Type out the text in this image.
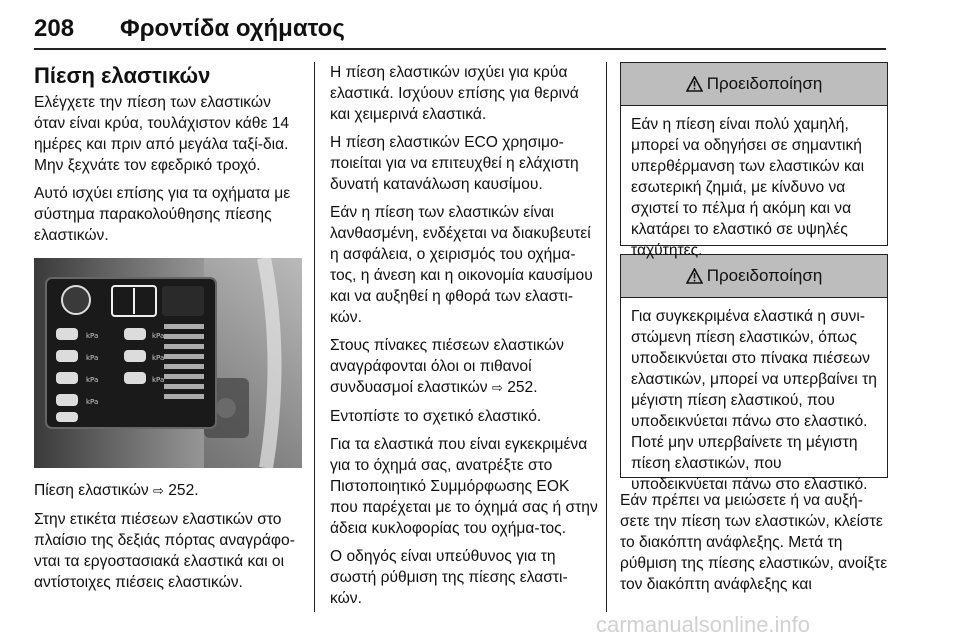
208 Φροντίδα οχήματος
Πίεση ελαστικών

Ελέγχετε την πίεση των ελαστικών όταν είναι κρύα, τουλάχιστον κάθε 14 ημέρες και πριν από μεγάλα ταξί-δια. Μην ξεχνάτε τον εφεδρικό τροχό.

Αυτό ισχύει επίσης για τα οχήματα με σύστημα παρακολούθησης πίεσης ελαστικών.

kPa
kPa
kPa
kPa
kPa
kPa
kPa

Πίεση ελαστικών ⇨ 252.

Στην ετικέτα πιέσεων ελαστικών στο πλαίσιο της δεξιάς πόρτας αναγράφο-νται τα εργοστασιακά ελαστικά και οι αντίστοιχες πιέσεις ελαστικών.

Η πίεση ελαστικών ισχύει για κρύα ελαστικά. Ισχύουν επίσης για θερινά και χειμερινά ελαστικά.

Η πίεση ελαστικών ECO χρησιμο-ποιείται για να επιτευχθεί η ελάχιστη δυνατή κατανάλωση καυσίμου.

Εάν η πίεση των ελαστικών είναι λανθασμένη, ενδέχεται να διακυβευτεί η ασφάλεια, ο χειρισμός του οχήμα-τος, η άνεση και η οικονομία καυσίμου και να αυξηθεί η φθορά των ελαστι-κών.

Στους πίνακες πιέσεων ελαστικών αναγράφονται όλοι οι πιθανοί συνδυασμοί ελαστικών ⇨ 252.

Εντοπίστε το σχετικό ελαστικό.

Για τα ελαστικά που είναι εγκεκριμένα για το όχημά σας, ανατρέξτε στο Πιστοποιητικό Συμμόρφωσης ΕΟΚ που παρέχεται με το όχημά σας ή στην άδεια κυκλοφορίας του οχήμα-τος.

Ο οδηγός είναι υπεύθυνος για τη σωστή ρύθμιση της πίεσης ελαστι-κών.

Προειδοποίηση

Εάν η πίεση είναι πολύ χαμηλή, μπορεί να οδηγήσει σε σημαντική υπερθέρμανση των ελαστικών και εσωτερική ζημιά, με κίνδυνο να σχιστεί το πέλμα ή ακόμη και να κλατάρει το ελαστικό σε υψηλές ταχύτητες.

Προειδοποίηση

Για συγκεκριμένα ελαστικά η συνι-στώμενη πίεση ελαστικών, όπως υποδεικνύεται στο πίνακα πιέσεων ελαστικών, μπορεί να υπερβαίνει τη μέγιστη πίεση ελαστικού, που υποδεικνύεται πάνω στο ελαστικό. Ποτέ μην υπερβαίνετε τη μέγιστη πίεση ελαστικών, που υποδεικνύεται πάνω στο ελαστικό.

Εάν πρέπει να μειώσετε ή να αυξή-σετε την πίεση των ελαστικών, κλείστε το διακόπτη ανάφλεξης. Μετά τη ρύθμιση της πίεσης ελαστικών, ανοίξτε τον διακόπτη ανάφλεξης και

carmanualsonline.info
